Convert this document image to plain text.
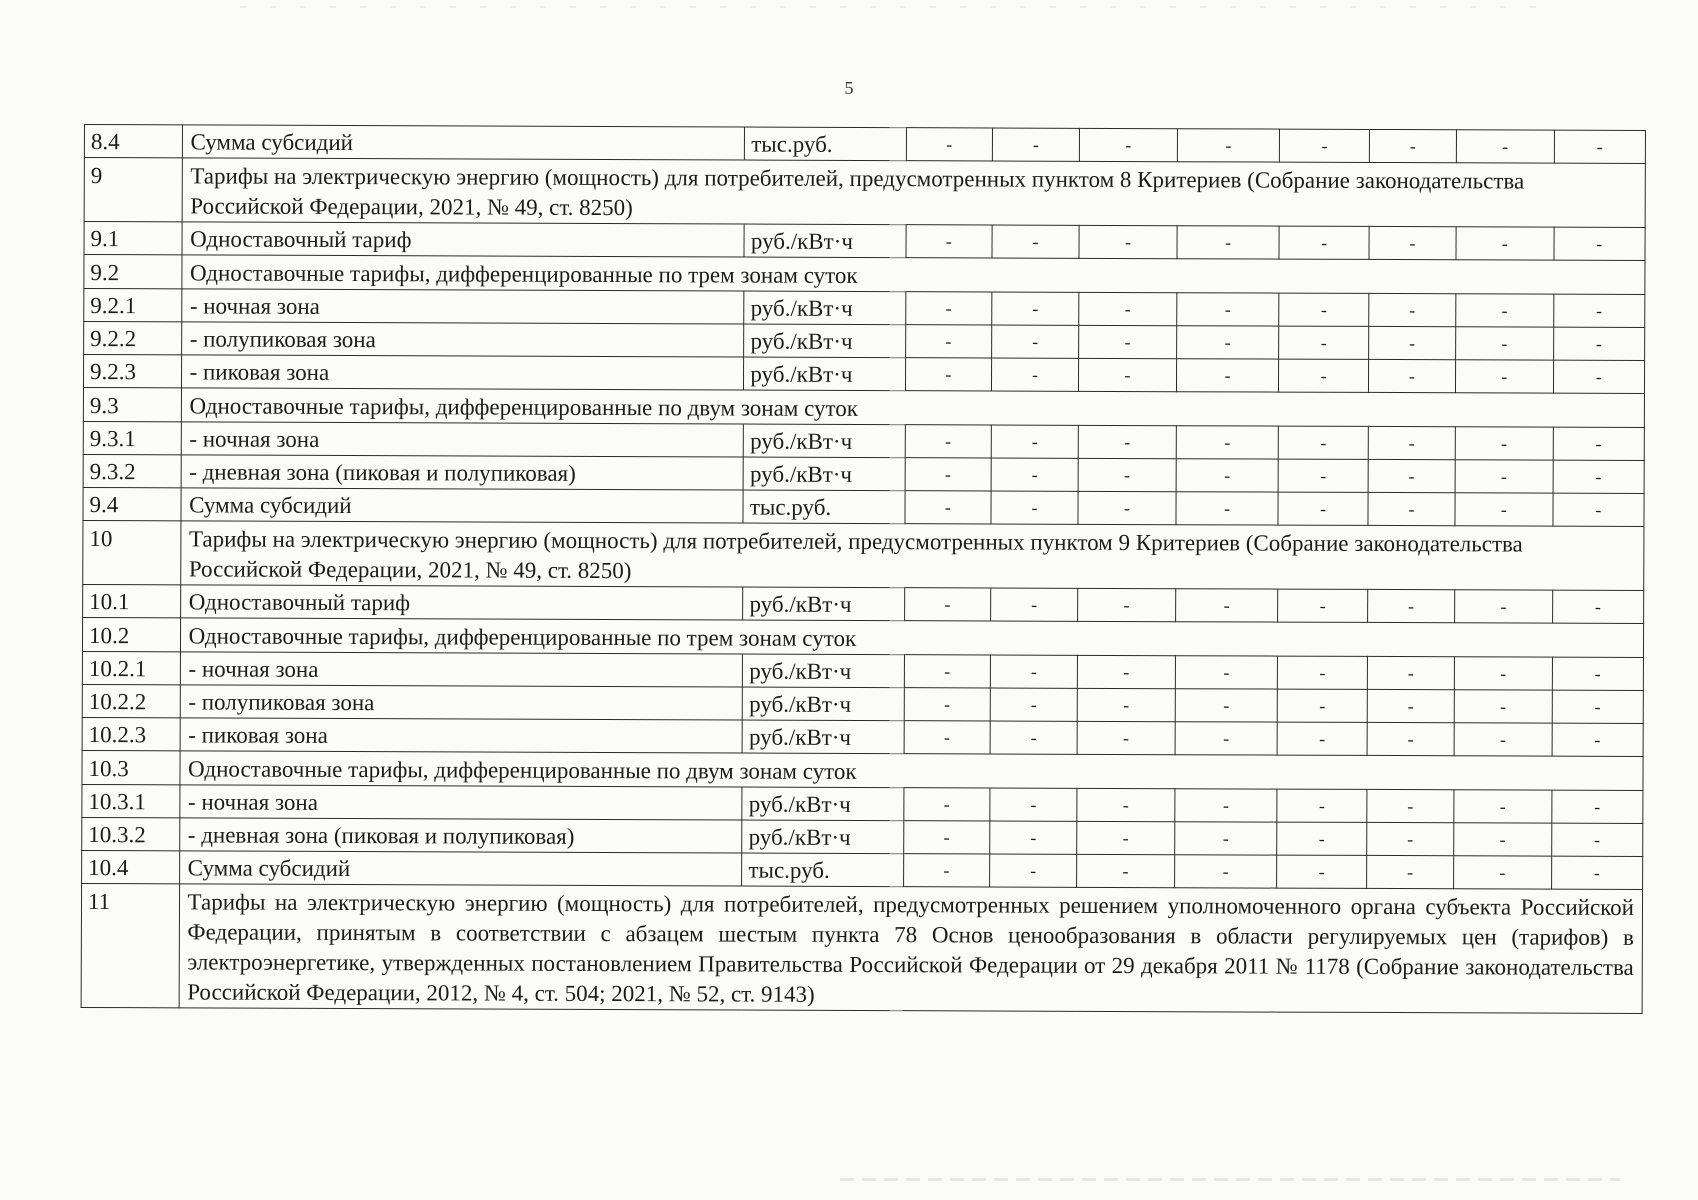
5
8.4	Сумма субсидий	тыс.руб.	-	-	-	-	-	-	-	-
9	Тарифы на электрическую энергию (мощность) для потребителей, предусмотренных пунктом 8 Критериев (Собрание законодательства Российской Федерации, 2021, № 49, ст. 8250)									
9.1	Одноставочный тариф	руб./кВт·ч	-	-	-	-	-	-	-	-
9.2	Одноставочные тарифы, дифференцированные по трем зонам суток									
9.2.1	- ночная зона	руб./кВт·ч	-	-	-	-	-	-	-	-
9.2.2	- полупиковая зона	руб./кВт·ч	-	-	-	-	-	-	-	-
9.2.3	- пиковая зона	руб./кВт·ч	-	-	-	-	-	-	-	-
9.3	Одноставочные тарифы, дифференцированные по двум зонам суток									
9.3.1	- ночная зона	руб./кВт·ч	-	-	-	-	-	-	-	-
9.3.2	- дневная зона (пиковая и полупиковая)	руб./кВт·ч	-	-	-	-	-	-	-	-
9.4	Сумма субсидий	тыс.руб.	-	-	-	-	-	-	-	-
10	Тарифы на электрическую энергию (мощность) для потребителей, предусмотренных пунктом 9 Критериев (Собрание законодательства Российской Федерации, 2021, № 49, ст. 8250)									
10.1	Одноставочный тариф	руб./кВт·ч	-	-	-	-	-	-	-	-
10.2	Одноставочные тарифы, дифференцированные по трем зонам суток									
10.2.1	- ночная зона	руб./кВт·ч	-	-	-	-	-	-	-	-
10.2.2	- полупиковая зона	руб./кВт·ч	-	-	-	-	-	-	-	-
10.2.3	- пиковая зона	руб./кВт·ч	-	-	-	-	-	-	-	-
10.3	Одноставочные тарифы, дифференцированные по двум зонам суток									
10.3.1	- ночная зона	руб./кВт·ч	-	-	-	-	-	-	-	-
10.3.2	- дневная зона (пиковая и полупиковая)	руб./кВт·ч	-	-	-	-	-	-	-	-
10.4	Сумма субсидий	тыс.руб.	-	-	-	-	-	-	-	-
11	Тарифы на электрическую энергию (мощность) для потребителей, предусмотренных решением уполномоченного органа субъекта Российской Федерации, принятым в соответствии с абзацем шестым пункта 78 Основ ценообразования в области регулируемых цен (тарифов) в электроэнергетике, утвержденных постановлением Правительства Российской Федерации от 29 декабря 2011 № 1178 (Собрание законодательства Российской Федерации, 2012, № 4, ст. 504; 2021, № 52, ст. 9143)									
